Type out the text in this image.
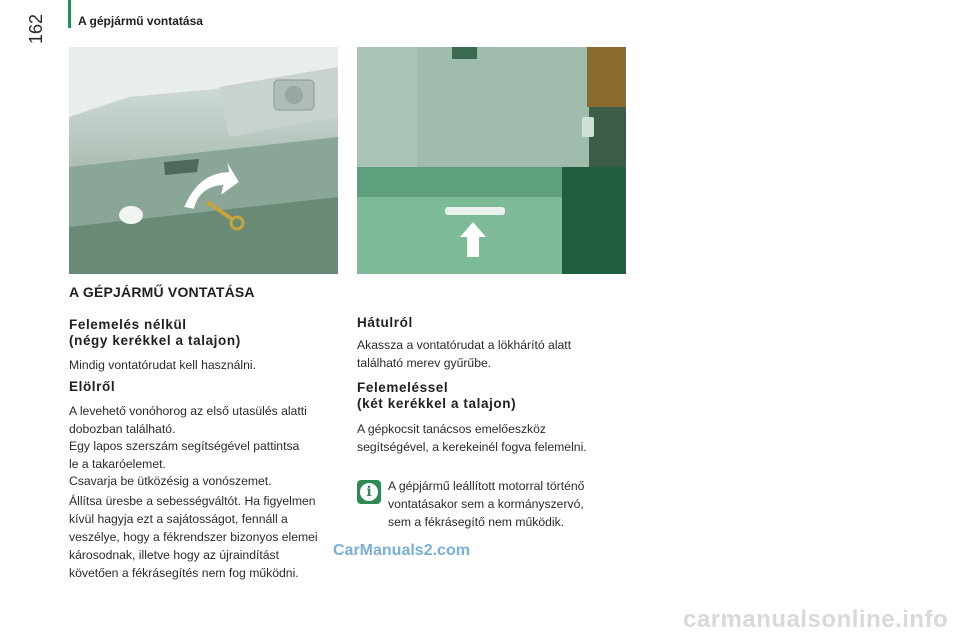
A gépjármű vontatása
162
A GÉPJÁRMŰ VONTATÁSA
Felemelés nélkül
(négy kerékkel a talajon)
Mindig vontatórudat kell használni.
Elölről
A levehető vonóhorog az első utasülés alatti
dobozban található.
Egy lapos szerszám segítségével pattintsa
le a takaróelemet.
Csavarja be ütközésig a vonószemet.
Állítsa üresbe a sebességváltót. Ha figyelmen
kívül hagyja ezt a sajátosságot, fennáll a
veszélye, hogy a fékrendszer bizonyos elemei
károsodnak, illetve hogy az újraindítást
követően a fékrásegítés nem fog működni.
Hátulról
Akassza a vontatórudat a lökhárító alatt
található merev gyűrűbe.
Felemeléssel
(két kerékkel a talajon)
A gépkocsit tanácsos emelőeszköz
segítségével, a kerekeinél fogva felemelni.
i	A gépjármű leállított motorral történő
vontatásakor sem a kormányszervó,
sem a fékrásegítő nem működik.
CarManuals2.com
carmanualsonline.info
